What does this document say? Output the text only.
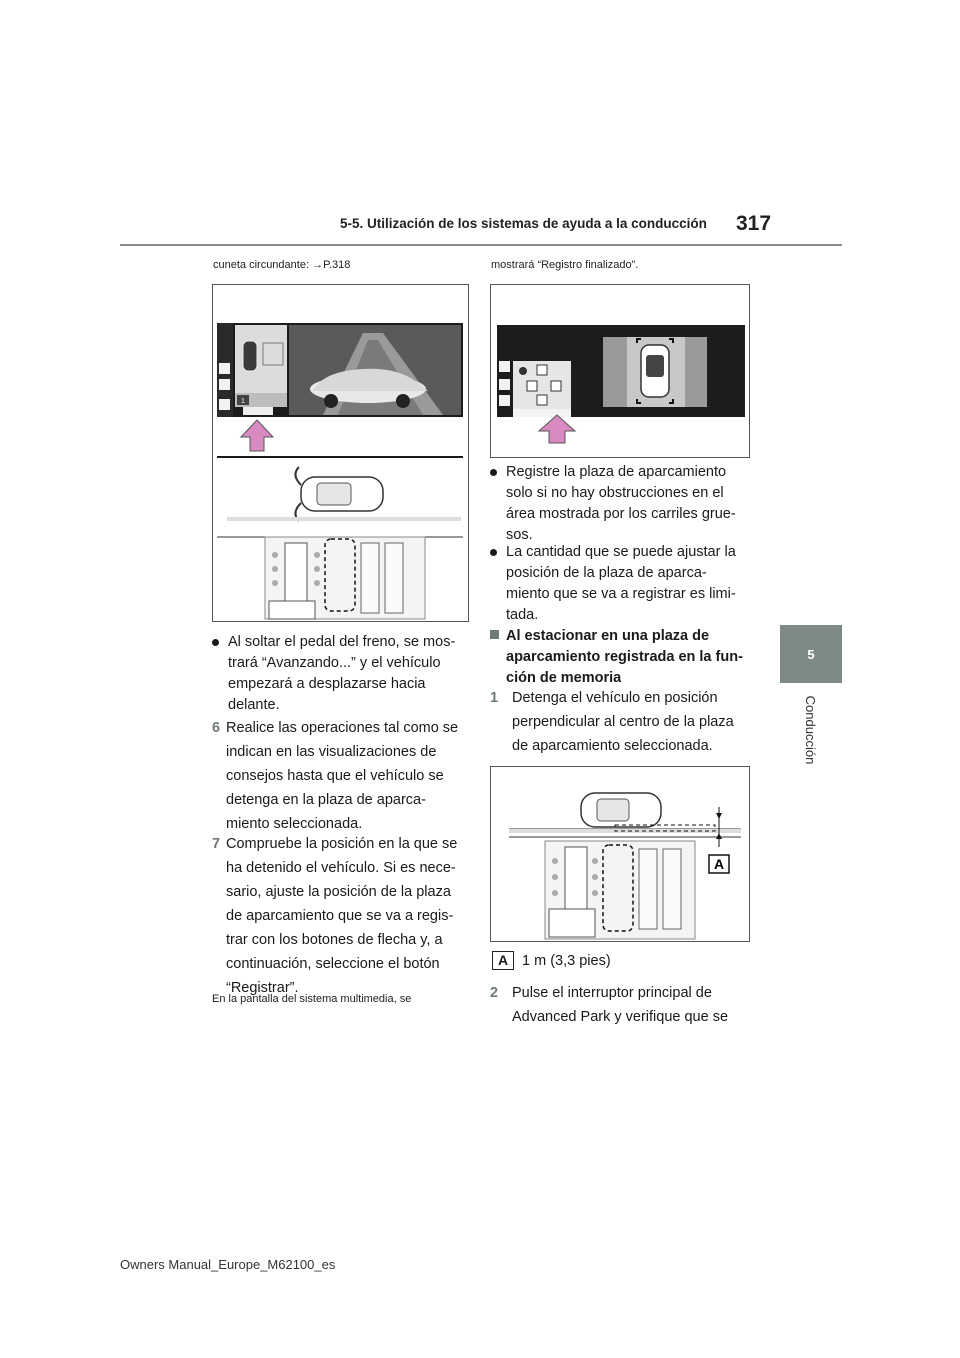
5-5. Utilización de los sistemas de ayuda a la conducción 317
5
Conducción
cuneta circundante: →P.318
1
Al soltar el pedal del freno, se mos-
trará “Avanzando...” y el vehículo
empezará a desplazarse hacia
delante.
6 Realice las operaciones tal como se
indican en las visualizaciones de
consejos hasta que el vehículo se
detenga en la plaza de aparca-
miento seleccionada.
7 Compruebe la posición en la que se
ha detenido el vehículo. Si es nece-
sario, ajuste la posición de la plaza
de aparcamiento que se va a regis-
trar con los botones de flecha y, a
continuación, seleccione el botón
“Registrar”.
En la pantalla del sistema multimedia, se
mostrará “Registro finalizado”.
Registre la plaza de aparcamiento
solo si no hay obstrucciones en el
área mostrada por los carriles grue-
sos.
La cantidad que se puede ajustar la
posición de la plaza de aparca-
miento que se va a registrar es limi-
tada.
Al estacionar en una plaza de
aparcamiento registrada en la fun-
ción de memoria
1 Detenga el vehículo en posición
perpendicular al centro de la plaza
de aparcamiento seleccionada.
A
A 1 m (3,3 pies)
2 Pulse el interruptor principal de
Advanced Park y verifique que se
Owners Manual_Europe_M62100_es
